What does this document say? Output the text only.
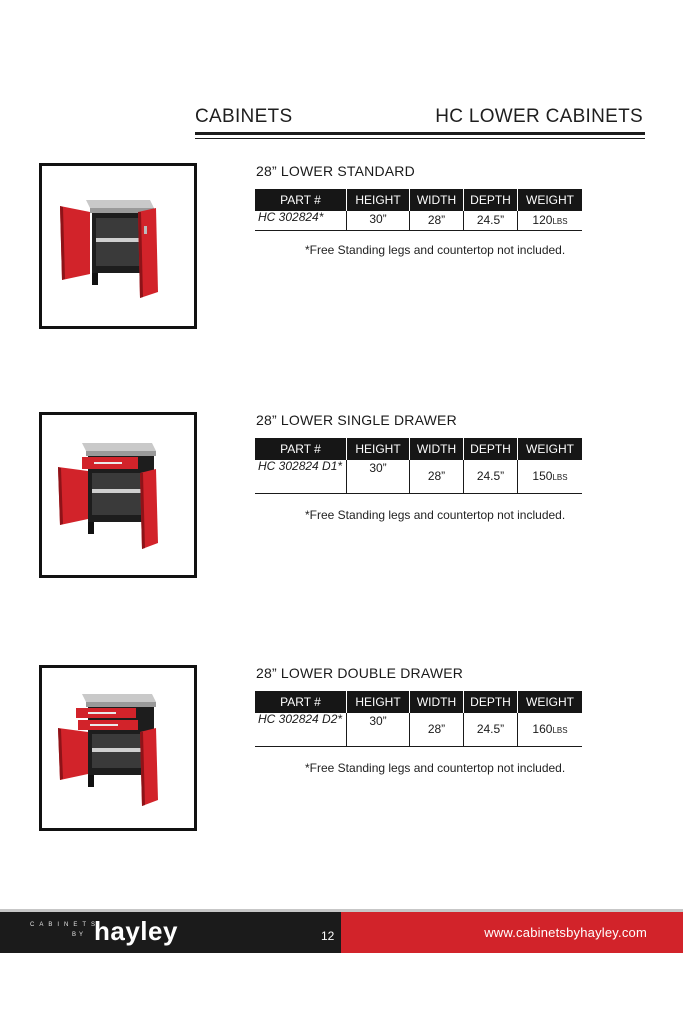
CABINETS	HC LOWER CABINETS
28” LOWER STANDARD
PART #	HEIGHT	WIDTH	DEPTH	WEIGHT
HC 302824*	30”	28”	24.5”	120LBS
*Free Standing legs and countertop not included.
28” LOWER SINGLE DRAWER
PART #	HEIGHT	WIDTH	DEPTH	WEIGHT
HC 302824 D1*	30”	28”	24.5”	150LBS
*Free Standing legs and countertop not included.
28” LOWER DOUBLE DRAWER
PART #	HEIGHT	WIDTH	DEPTH	WEIGHT
HC 302824 D2*	30”	28”	24.5”	160LBS
*Free Standing legs and countertop not included.
CABINETS
BY hayley	12	www.cabinetsbyhayley.com
